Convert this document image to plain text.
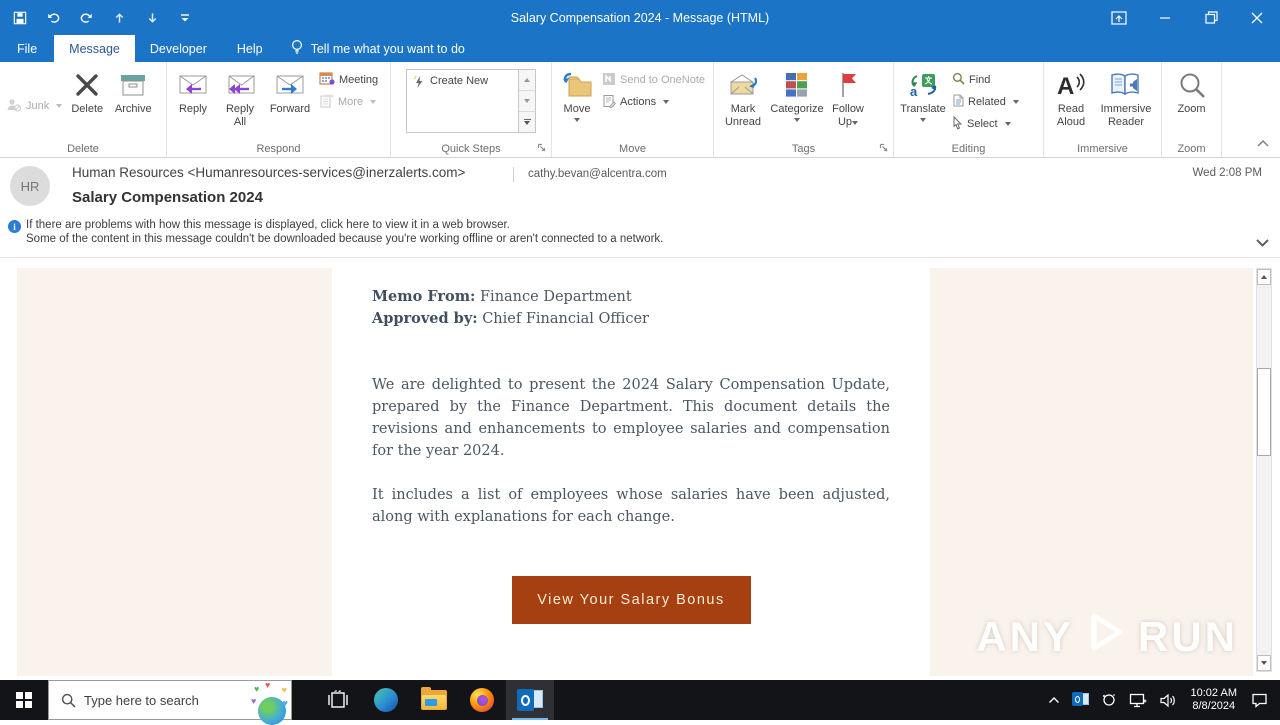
Salary Compensation 2024 - Message (HTML)
File	Message	Developer	Help	Tell me what you want to do
Junk Delete Archive
Delete
Reply	Reply All
Forward
Meeting
More
Respond
Create New
Quick Steps
Move
Send to OneNote
Actions
Move
Mark Unread
Categorize Follow Up
Tags
a
Translate
Find
Related
Select
Editing
A
Read Aloud
Immersive Reader
Immersive
Zoom
Zoom
HR
Human Resources <Humanresources-services@inerzalerts.com>	cathy.bevan@alcentra.com	Wed 2:08 PM
Salary Compensation 2024
i If there are problems with how this message is displayed, click here to view it in a web browser.
Some of the content in this message couldn't be downloaded because you're working offline or aren't connected to a network.
Memo From: Finance Department
Approved by: Chief Financial Officer

We are delighted to present the 2024 Salary Compensation Update, prepared by the Finance Department. This document details the revisions and enhancements to employee salaries and compensation for the year 2024.

It includes a list of employees whose salaries have been adjusted, along with explanations for each change.

View Your Salary Bonus

ANY RUN
Type here to search
♥ ♥ ♥
♥	♥
10:02 AM
8/8/2024
